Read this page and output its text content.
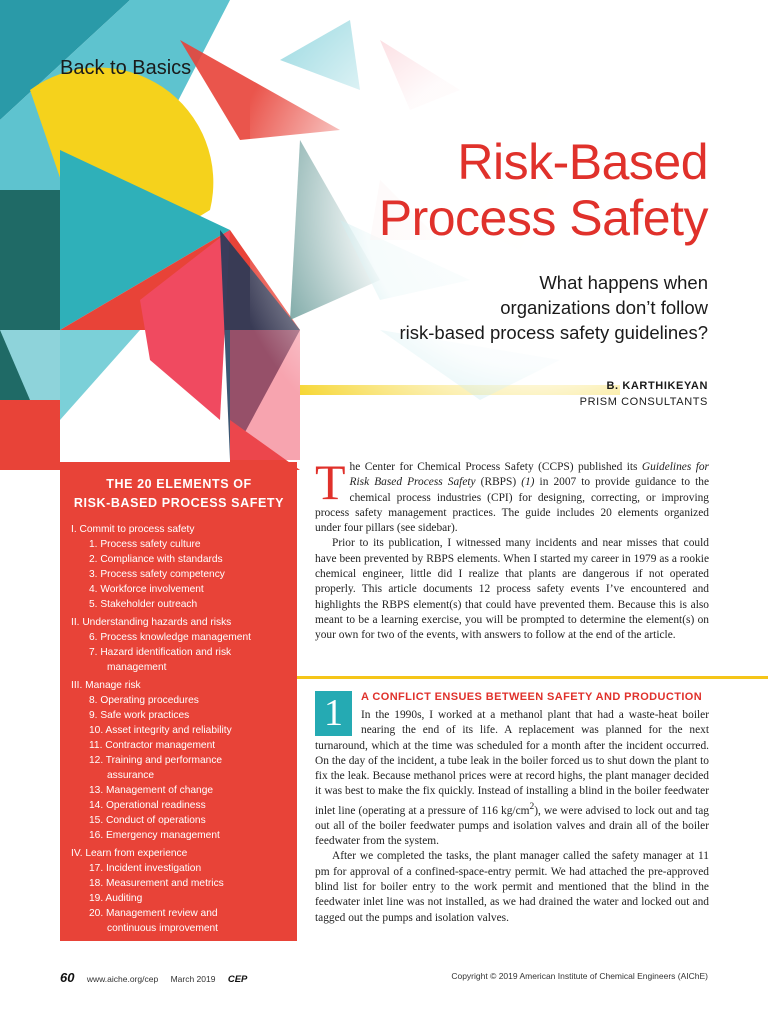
Back to Basics
Risk-Based
Process Safety
What happens when
organizations don’t follow
risk-based process safety guidelines?
B. KARTHIKEYAN
PRISM CONSULTANTS
THE 20 ELEMENTS OF
RISK-BASED PROCESS SAFETY
I. Commit to process safety
1. Process safety culture
2. Compliance with standards
3. Process safety competency
4. Workforce involvement
5. Stakeholder outreach
II. Understanding hazards and risks
6. Process knowledge management
7. Hazard identification and risk
management
III. Manage risk
8. Operating procedures
9. Safe work practices
10. Asset integrity and reliability
11. Contractor management
12. Training and performance
assurance
13. Management of change
14. Operational readiness
15. Conduct of operations
16. Emergency management
IV. Learn from experience
17. Incident investigation
18. Measurement and metrics
19. Auditing
20. Management review and
continuous improvement

The Center for Chemical Process Safety (CCPS) published its Guidelines for Risk Based Process Safety (RBPS) (1) in 2007 to provide guidance to the chemical process industries (CPI) for designing, correcting, or improving process safety management practices. The guide includes 20 elements organized under four pillars (see sidebar).

Prior to its publication, I witnessed many incidents and near misses that could have been prevented by RBPS elements. When I started my career in 1979 as a rookie chemical engineer, little did I realize that plants are dangerous if not operated properly. This article documents 12 process safety events I’ve encountered and highlights the RBPS element(s) that could have prevented them. Because this is also meant to be a learning exercise, you will be prompted to determine the element(s) on your own for two of the events, with answers to follow at the end of the article.

1	A CONFLICT ENSUES BETWEEN SAFETY AND PRODUCTION

In the 1990s, I worked at a methanol plant that had a waste-heat boiler nearing the end of its life. A replacement was planned for the next turnaround, which at the time was scheduled for a month after the incident occurred. On the day of the incident, a tube leak in the boiler forced us to shut down the plant to fix the leak. Because methanol prices were at record highs, the plant manager decided it was best to make the fix quickly. Instead of installing a blind in the boiler feedwater inlet line (operating at a pressure of 116 $kg/cm^2$), we were advised to lock out and tag out all of the boiler feedwater pumps and isolation valves and drain all of the boiler feedwater from the system.

After we completed the tasks, the plant manager called the safety manager at 11 pm for approval of a confined-space-entry permit. We had attached the pre-approved blind list for boiler entry to the work permit and mentioned that the blind in the feedwater inlet line was not installed, as we had drained the water and locked out and tagged out the pumps and isolation valves.

60 www.aiche.org/cep March 2019 CEP	Copyright © 2019 American Institute of Chemical Engineers (AIChE)
